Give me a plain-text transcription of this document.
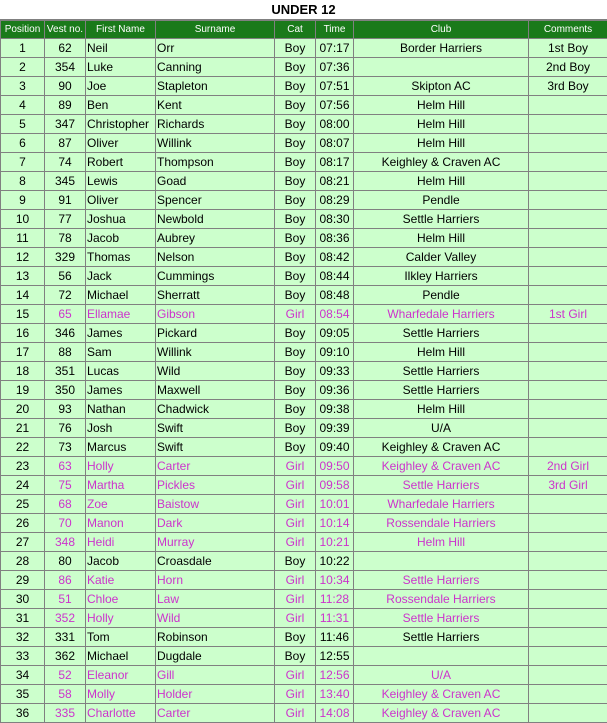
UNDER 12
Position	Vest no.	First Name	Surname	Cat	Time	Club	Comments
1	62	Neil	Orr	Boy	07:17	Border Harriers	1st Boy
2	354	Luke	Canning	Boy	07:36		2nd Boy
3	90	Joe	Stapleton	Boy	07:51	Skipton AC	3rd Boy
4	89	Ben	Kent	Boy	07:56	Helm Hill	
5	347	Christopher	Richards	Boy	08:00	Helm Hill	
6	87	Oliver	Willink	Boy	08:07	Helm Hill	
7	74	Robert	Thompson	Boy	08:17	Keighley & Craven AC	
8	345	Lewis	Goad	Boy	08:21	Helm Hill	
9	91	Oliver	Spencer	Boy	08:29	Pendle	
10	77	Joshua	Newbold	Boy	08:30	Settle Harriers	
11	78	Jacob	Aubrey	Boy	08:36	Helm Hill	
12	329	Thomas	Nelson	Boy	08:42	Calder Valley	
13	56	Jack	Cummings	Boy	08:44	Ilkley Harriers	
14	72	Michael	Sherratt	Boy	08:48	Pendle	
15	65	Ellamae	Gibson	Girl	08:54	Wharfedale Harriers	1st Girl
16	346	James	Pickard	Boy	09:05	Settle Harriers	
17	88	Sam	Willink	Boy	09:10	Helm Hill	
18	351	Lucas	Wild	Boy	09:33	Settle Harriers	
19	350	James	Maxwell	Boy	09:36	Settle Harriers	
20	93	Nathan	Chadwick	Boy	09:38	Helm Hill	
21	76	Josh	Swift	Boy	09:39	U/A	
22	73	Marcus	Swift	Boy	09:40	Keighley & Craven AC	
23	63	Holly	Carter	Girl	09:50	Keighley & Craven AC	2nd Girl
24	75	Martha	Pickles	Girl	09:58	Settle Harriers	3rd Girl
25	68	Zoe	Baistow	Girl	10:01	Wharfedale Harriers	
26	70	Manon	Dark	Girl	10:14	Rossendale Harriers	
27	348	Heidi	Murray	Girl	10:21	Helm Hill	
28	80	Jacob	Croasdale	Boy	10:22		
29	86	Katie	Horn	Girl	10:34	Settle Harriers	
30	51	Chloe	Law	Girl	11:28	Rossendale Harriers	
31	352	Holly	Wild	Girl	11:31	Settle Harriers	
32	331	Tom	Robinson	Boy	11:46	Settle Harriers	
33	362	Michael	Dugdale	Boy	12:55		
34	52	Eleanor	Gill	Girl	12:56	U/A	
35	58	Molly	Holder	Girl	13:40	Keighley & Craven AC	
36	335	Charlotte	Carter	Girl	14:08	Keighley & Craven AC	
